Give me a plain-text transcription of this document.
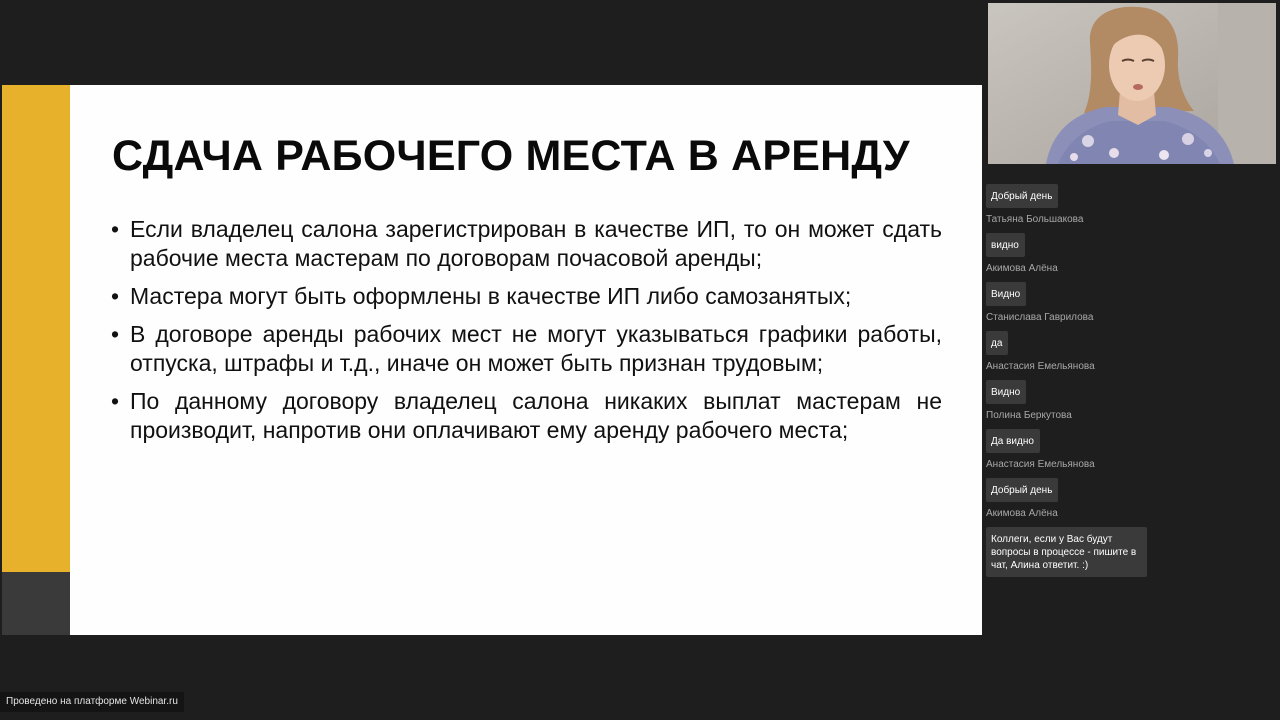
СДАЧА РАБОЧЕГО МЕСТА В АРЕНДУ
• Если владелец салона зарегистрирован в качестве ИП, то он может сдать рабочие места мастерам по договорам почасовой аренды;
• Мастера могут быть оформлены в качестве ИП либо самозанятых;
• В договоре аренды рабочих мест не могут указываться графики работы, отпуска, штрафы и т.д., иначе он может быть признан трудовым;
• По данному договору владелец салона никаких выплат мастерам не производит, напротив они оплачивают ему аренду рабочего места;
Добрый день
Татьяна Большакова
видно
Акимова Алёна
Видно
Станислава Гаврилова
да
Анастасия Емельянова
Видно
Полина Беркутова
Да видно
Анастасия Емельянова
Добрый день
Акимова Алёна
Коллеги, если у Вас будут вопросы в процессе - пишите в чат, Алина ответит. :)
Проведено на платформе Webinar.ru
